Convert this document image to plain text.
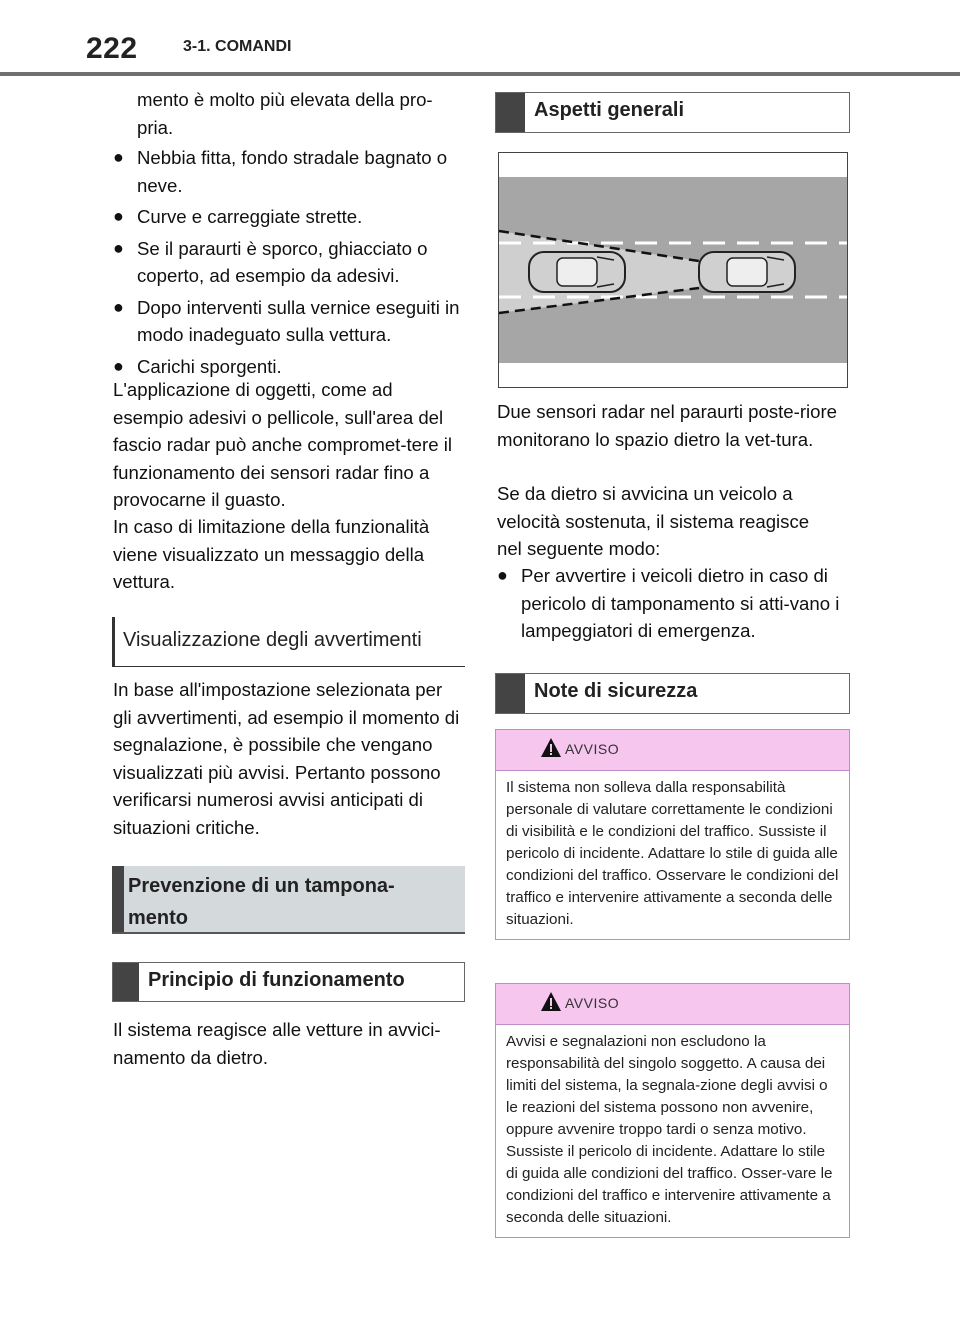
222	3-1. COMANDI

mento è molto più elevata della pro-
pria.

● Nebbia fitta, fondo stradale bagnato o neve.

● Curve e carreggiate strette.

● Se il paraurti è sporco, ghiacciato o coperto, ad esempio da adesivi.

● Dopo interventi sulla vernice eseguiti in modo inadeguato sulla vettura.

● Carichi sporgenti.

L'applicazione di oggetti, come ad esempio adesivi o pellicole, sull'area del fascio radar può anche compromet-tere il funzionamento dei sensori radar fino a provocarne il guasto.

In caso di limitazione della funzionalità viene visualizzato un messaggio della vettura.

Visualizzazione degli avvertimenti

In base all'impostazione selezionata per gli avvertimenti, ad esempio il momento di segnalazione, è possibile che vengano visualizzati più avvisi. Pertanto possono verificarsi numerosi avvisi anticipati di situazioni critiche.

Prevenzione di un tampona-mento
Principio di funzionamento

Il sistema reagisce alle vetture in avvici-namento da dietro.

Aspetti generali

Due sensori radar nel paraurti poste-riore monitorano lo spazio dietro la vet-tura.

Se da dietro si avvicina un veicolo a velocità sostenuta, il sistema reagisce nel seguente modo:

● Per avvertire i veicoli dietro in caso di pericolo di tamponamento si atti-vano i lampeggiatori di emergenza.

Note di sicurezza
AVVISO
Il sistema non solleva dalla responsabilità personale di valutare correttamente le condizioni di visibilità e le condizioni del traffico. Sussiste il pericolo di incidente. Adattare lo stile di guida alle condizioni del traffico. Osservare le condizioni del traffico e intervenire attivamente a seconda delle situazioni.
AVVISO
Avvisi e segnalazioni non escludono la responsabilità del singolo soggetto. A causa dei limiti del sistema, la segnala-zione degli avvisi o le reazioni del sistema possono non avvenire, oppure avvenire troppo tardi o senza motivo. Sussiste il pericolo di incidente. Adattare lo stile di guida alle condizioni del traffico. Osser-vare le condizioni del traffico e intervenire attivamente a seconda delle situazioni.
